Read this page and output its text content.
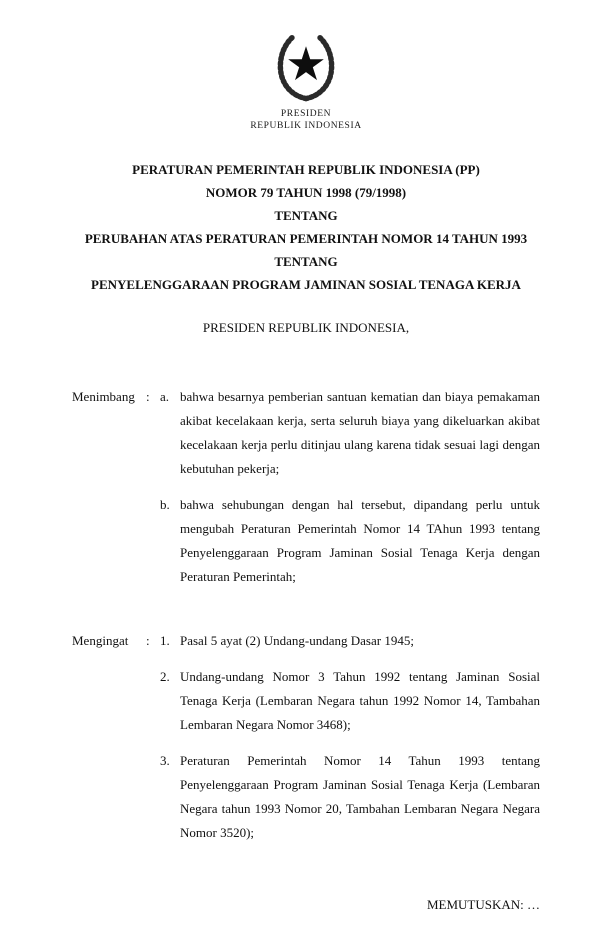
PRESIDEN
REPUBLIK INDONESIA
PERATURAN PEMERINTAH REPUBLIK INDONESIA (PP)
NOMOR 79 TAHUN 1998 (79/1998)
TENTANG
PERUBAHAN ATAS PERATURAN PEMERINTAH NOMOR 14 TAHUN 1993
TENTANG
PENYELENGGARAAN PROGRAM JAMINAN SOSIAL TENAGA KERJA
PRESIDEN REPUBLIK INDONESIA,
Menimbang : a. bahwa besarnya pemberian santuan kematian dan biaya pemakaman akibat kecelakaan kerja, serta seluruh biaya yang dikeluarkan akibat kecelakaan kerja perlu ditinjau ulang karena tidak sesuai lagi dengan kebutuhan pekerja;
b. bahwa sehubungan dengan hal tersebut, dipandang perlu untuk mengubah Peraturan Pemerintah Nomor 14 TAhun 1993 tentang Penyelenggaraan Program Jaminan Sosial Tenaga Kerja dengan Peraturan Pemerintah;
Mengingat	: 1. Pasal 5 ayat (2) Undang-undang Dasar 1945;
2. Undang-undang Nomor 3 Tahun 1992 tentang Jaminan Sosial Tenaga Kerja (Lembaran Negara tahun 1992 Nomor 14, Tambahan Lembaran Negara Nomor 3468);
3. Peraturan Pemerintah Nomor 14 Tahun 1993 tentang Penyelenggaraan Program Jaminan Sosial Tenaga Kerja (Lembaran Negara tahun 1993 Nomor 20, Tambahan Lembaran Negara Negara Nomor 3520);
MEMUTUSKAN: …
